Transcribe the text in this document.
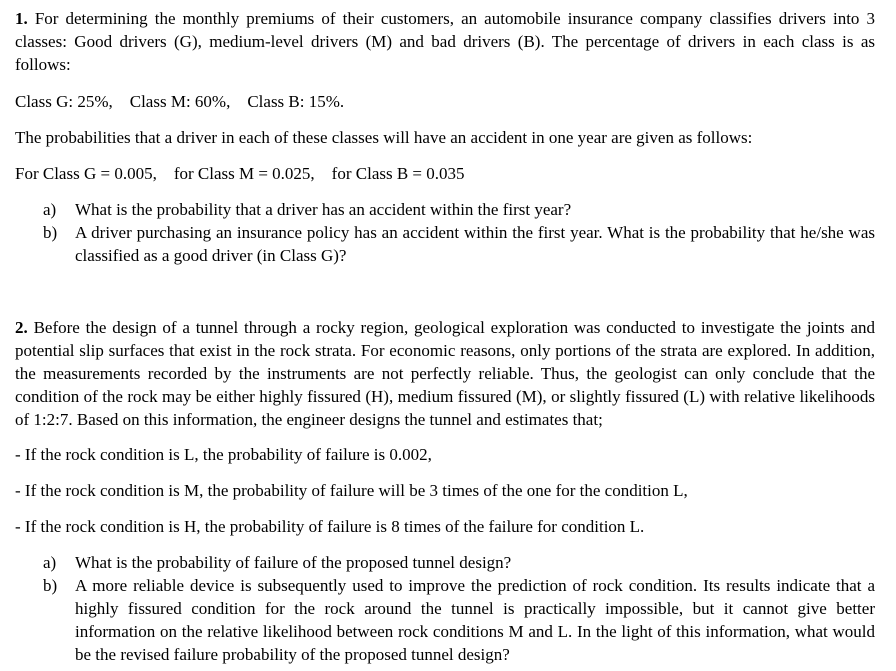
1. For determining the monthly premiums of their customers, an automobile insurance company classifies drivers into 3 classes: Good drivers (G), medium-level drivers (M) and bad drivers (B). The percentage of drivers in each class is as follows:
Class G: 25%,    Class M: 60%,    Class B: 15%.
The probabilities that a driver in each of these classes will have an accident in one year are given as follows:
For Class G = 0.005,    for Class M = 0.025,    for Class B = 0.035
a) What is the probability that a driver has an accident within the first year?
b) A driver purchasing an insurance policy has an accident within the first year. What is the probability that he/she was classified as a good driver (in Class G)?
2. Before the design of a tunnel through a rocky region, geological exploration was conducted to investigate the joints and potential slip surfaces that exist in the rock strata. For economic reasons, only portions of the strata are explored. In addition, the measurements recorded by the instruments are not perfectly reliable. Thus, the geologist can only conclude that the condition of the rock may be either highly fissured (H), medium fissured (M), or slightly fissured (L) with relative likelihoods of 1:2:7. Based on this information, the engineer designs the tunnel and estimates that;
- If the rock condition is L, the probability of failure is 0.002,
- If the rock condition is M, the probability of failure will be 3 times of the one for the condition L,
- If the rock condition is H, the probability of failure is 8 times of the failure for condition L.
a) What is the probability of failure of the proposed tunnel design?
b) A more reliable device is subsequently used to improve the prediction of rock condition. Its results indicate that a highly fissured condition for the rock around the tunnel is practically impossible, but it cannot give better information on the relative likelihood between rock conditions M and L. In the light of this information, what would be the revised failure probability of the proposed tunnel design?
